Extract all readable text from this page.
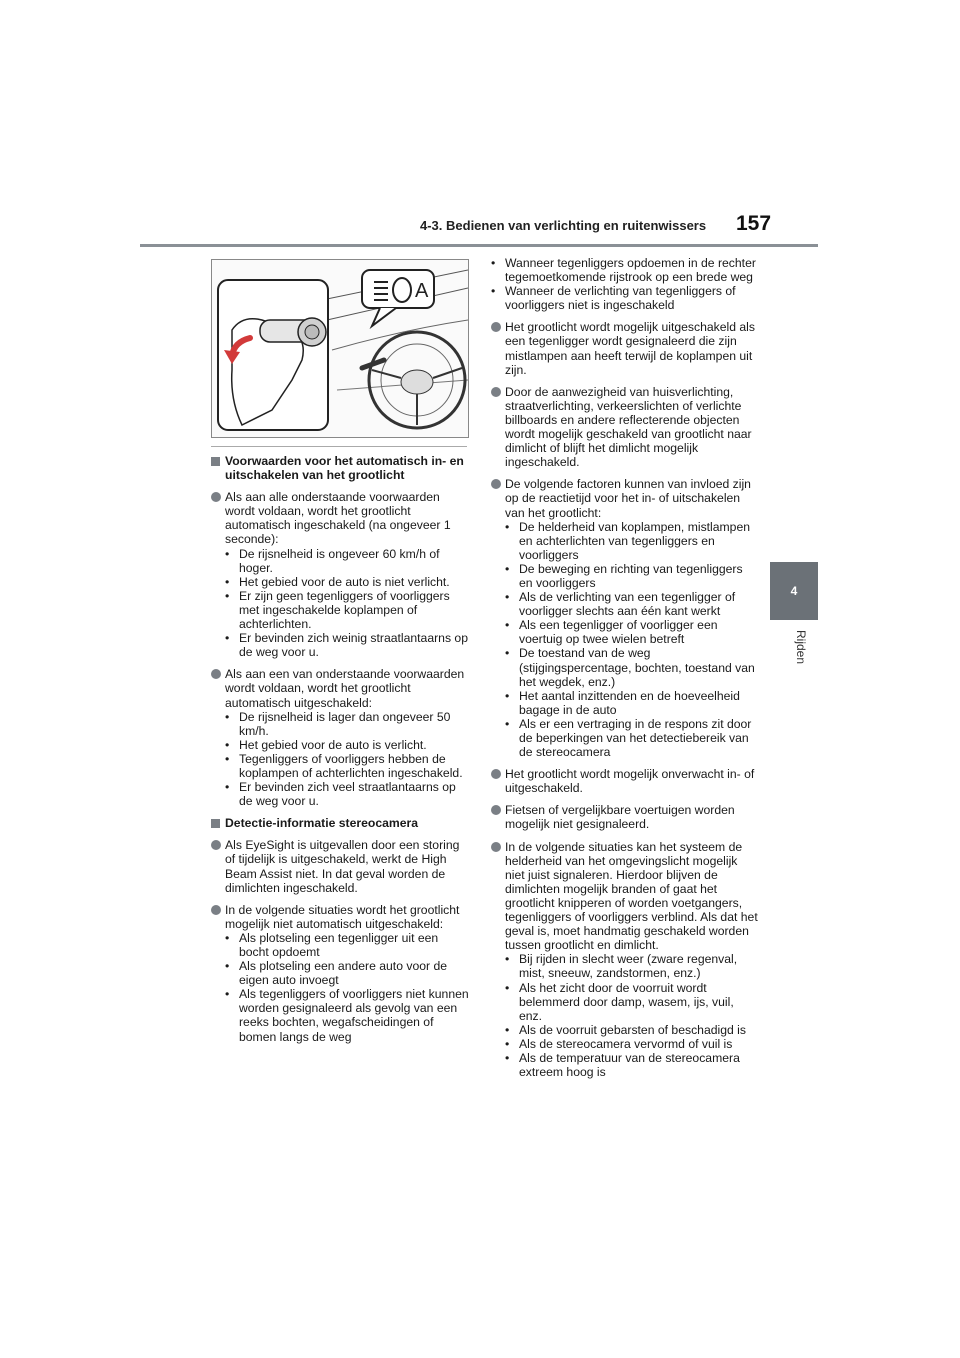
4-3. Bedienen van verlichting en ruitenwissers 157
4
Rijden
A
Voorwaarden voor het automatisch in- en uitschakelen van het grootlicht
Als aan alle onderstaande voorwaarden wordt voldaan, wordt het grootlicht automatisch ingeschakeld (na ongeveer 1 seconde):
• De rijsnelheid is ongeveer 60 km/h of hoger.
• Het gebied voor de auto is niet verlicht.
• Er zijn geen tegenliggers of voorliggers met ingeschakelde koplampen of achterlichten.
• Er bevinden zich weinig straatlantaarns op de weg voor u.
Als aan een van onderstaande voorwaarden wordt voldaan, wordt het grootlicht automatisch uitgeschakeld:
• De rijsnelheid is lager dan ongeveer 50 km/h.
• Het gebied voor de auto is verlicht.
• Tegenliggers of voorliggers hebben de koplampen of achterlichten ingeschakeld.
• Er bevinden zich veel straatlantaarns op de weg voor u.
Detectie-informatie stereocamera
Als EyeSight is uitgevallen door een storing of tijdelijk is uitgeschakeld, werkt de High Beam Assist niet. In dat geval worden de dimlichten ingeschakeld.
In de volgende situaties wordt het grootlicht mogelijk niet automatisch uitgeschakeld:
• Als plotseling een tegenligger uit een bocht opdoemt
• Als plotseling een andere auto voor de eigen auto invoegt
• Als tegenliggers of voorliggers niet kunnen worden gesignaleerd als gevolg van een reeks bochten, wegafscheidingen of bomen langs de weg
• Wanneer tegenliggers opdoemen in de rechter tegemoetkomende rijstrook op een brede weg
• Wanneer de verlichting van tegenliggers of voorliggers niet is ingeschakeld
Het grootlicht wordt mogelijk uitgeschakeld als een tegenligger wordt gesignaleerd die zijn mistlampen aan heeft terwijl de koplampen uit zijn.
Door de aanwezigheid van huisverlichting, straatverlichting, verkeerslichten of verlichte billboards en andere reflecterende objecten wordt mogelijk geschakeld van grootlicht naar dimlicht of blijft het dimlicht mogelijk ingeschakeld.
De volgende factoren kunnen van invloed zijn op de reactietijd voor het in- of uitschakelen van het grootlicht:
• De helderheid van koplampen, mistlampen en achterlichten van tegenliggers en voorliggers
• De beweging en richting van tegenliggers en voorliggers
• Als de verlichting van een tegenligger of voorligger slechts aan één kant werkt
• Als een tegenligger of voorligger een voertuig op twee wielen betreft
• De toestand van de weg (stijgingspercentage, bochten, toestand van het wegdek, enz.)
• Het aantal inzittenden en de hoeveelheid bagage in de auto
• Als er een vertraging in de respons zit door de beperkingen van het detectiebereik van de stereocamera
Het grootlicht wordt mogelijk onverwacht in- of uitgeschakeld.
Fietsen of vergelijkbare voertuigen worden mogelijk niet gesignaleerd.
In de volgende situaties kan het systeem de helderheid van het omgevingslicht mogelijk niet juist signaleren. Hierdoor blijven de dimlichten mogelijk branden of gaat het grootlicht knipperen of worden voetgangers, tegenliggers of voorliggers verblind. Als dat het geval is, moet handmatig geschakeld worden tussen grootlicht en dimlicht.
• Bij rijden in slecht weer (zware regenval, mist, sneeuw, zandstormen, enz.)
• Als het zicht door de voorruit wordt belemmerd door damp, wasem, ijs, vuil, enz.
• Als de voorruit gebarsten of beschadigd is
• Als de stereocamera vervormd of vuil is
• Als de temperatuur van de stereocamera extreem hoog is
